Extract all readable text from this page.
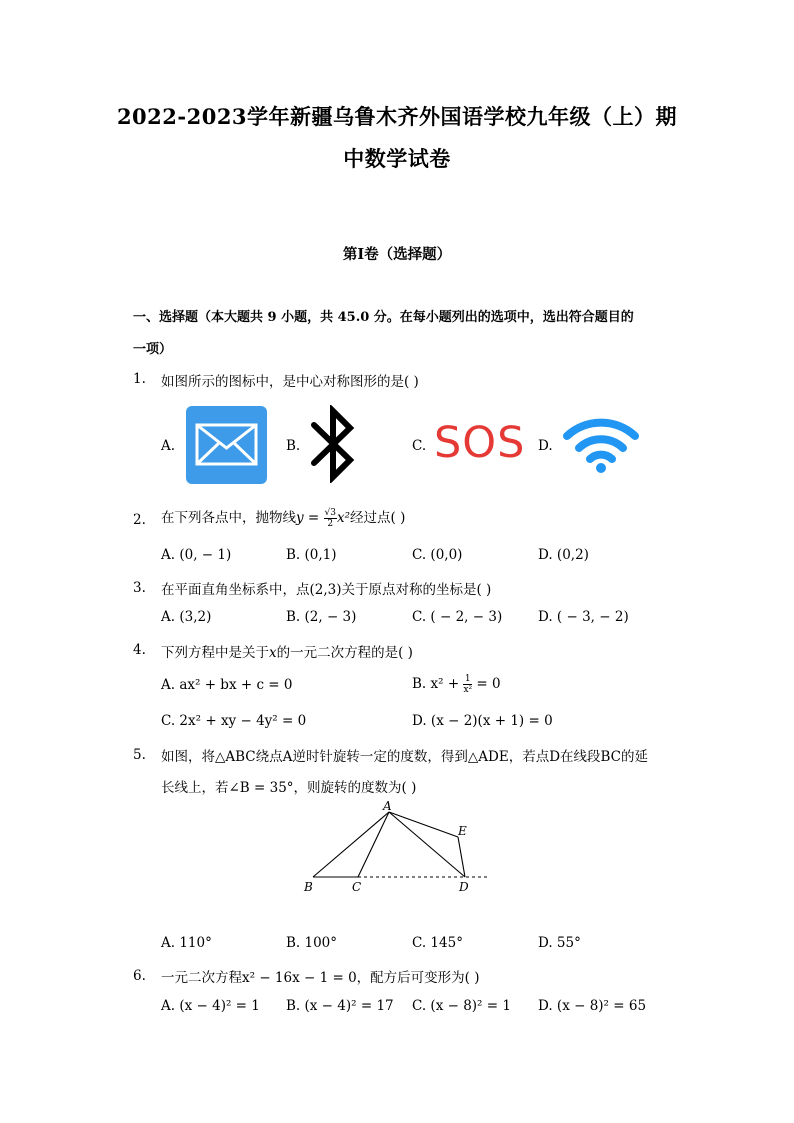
2022-2023学年新疆乌鲁木齐外国语学校九年级（上）期
中数学试卷
第I卷（选择题）
一、选择题（本大题共 9 小题，共 45.0 分。在每小题列出的选项中，选出符合题目的
一项）
1. 如图所示的图标中，是中心对称图形的是( )
A.	B.	C.	D.
SOS
2. 在下列各点中，抛物线$y = \frac{√3}{2} x^2$经过点( )
A. (0, − 1)	B. (0,1)	C. (0,0)	D. (0,2)
3. 在平面直角坐标系中，点(2,3)关于原点对称的坐标是( )
A. (3,2)	B. (2, − 3)	C. ( − 2, − 3)	D. ( − 3, − 2)
4. 下列方程中是关于x的一元二次方程的是( )
A. ax² + bx + c = 0	B. $x^2 + \frac{1}{\text{x²}} = 0$
C. 2x² + xy − 4y² = 0	D. (x − 2)(x + 1) = 0
5. 如图，将△ABC绕点A逆时针旋转一定的度数，得到△ADE，若点D在线段BC的延
长线上，若∠B = 35°，则旋转的度数为( )
A
B	C	D
E
A. 110°	B. 100°	C. 145°	D. 55°
6. 一元二次方程x² − 16x − 1 = 0，配方后可变形为( )
A. (x − 4)² = 1 B. (x − 4)² = 17 C. (x − 8)² = 1 D. (x − 8)² = 65
